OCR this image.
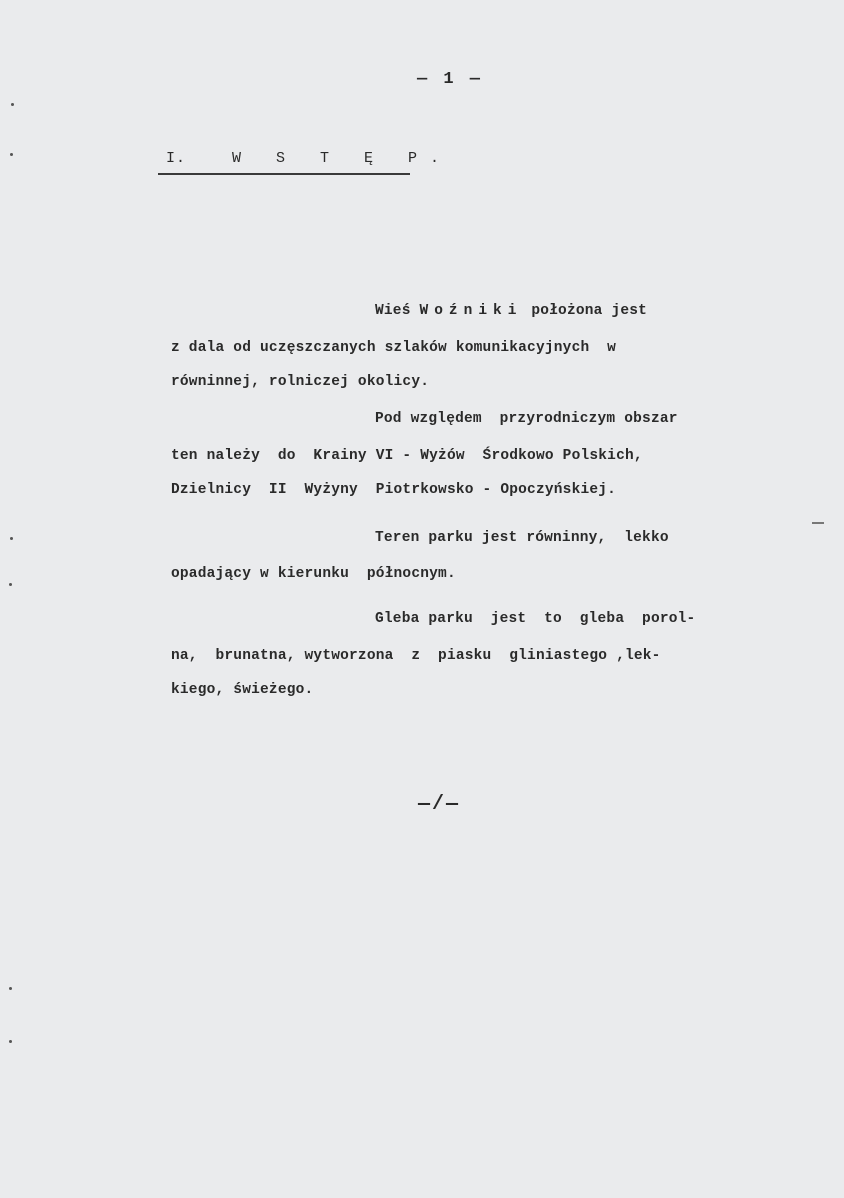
— 1 —
I.	W S T Ę P.
Wieś Woźniki położona jest
z dala od uczęszczanych szlaków komunikacyjnych  w
równinnej, rolniczej okolicy.
Pod względem  przyrodniczym obszar
ten należy  do  Krainy VI - Wyżów  Środkowo Polskich,
Dzielnicy  II  Wyżyny  Piotrkowsko - Opoczyńskiej.
Teren parku jest równinny,  lekko
opadający w kierunku  północnym.
Gleba parku  jest  to  gleba  porol-
na,  brunatna, wytworzona  z  piasku  gliniastego ,lek-
kiego, świeżego.
—/—
